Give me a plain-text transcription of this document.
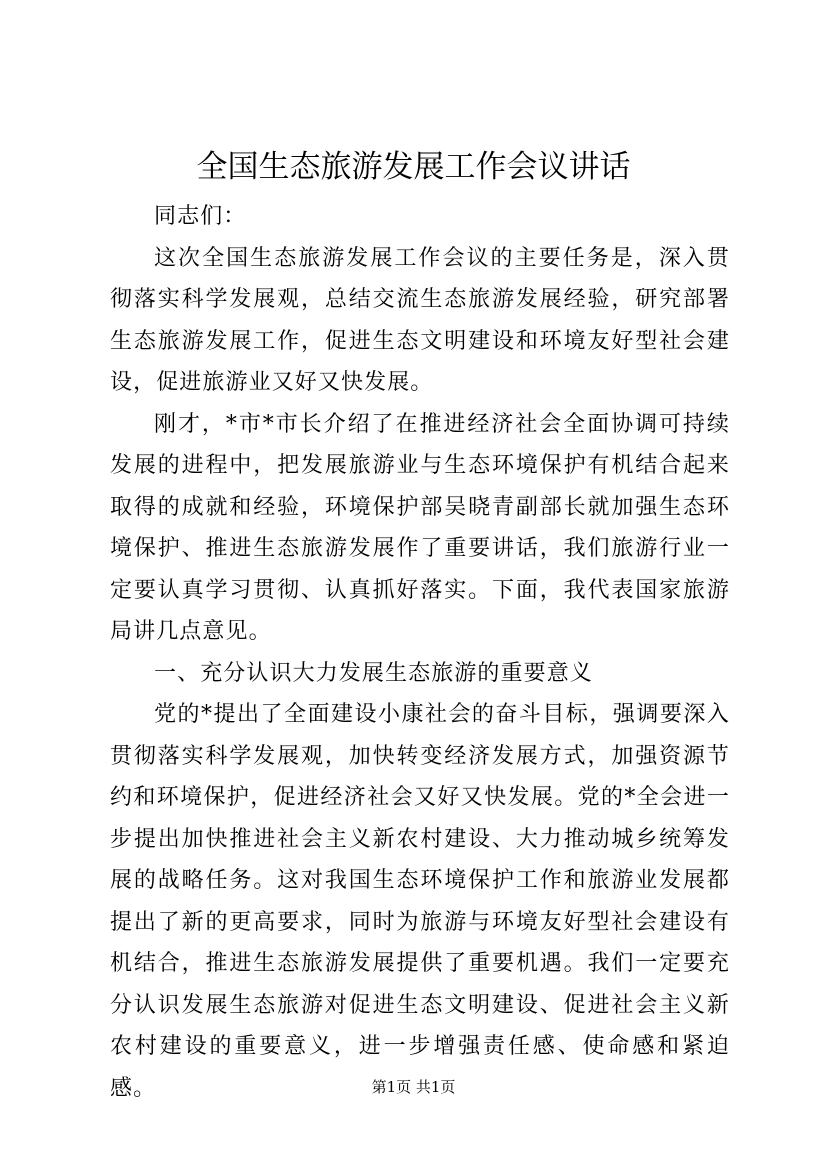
全国生态旅游发展工作会议讲话

同志们：

这次全国生态旅游发展工作会议的主要任务是，深入贯彻落实科学发展观，总结交流生态旅游发展经验，研究部署生态旅游发展工作，促进生态文明建设和环境友好型社会建设，促进旅游业又好又快发展。

刚才，*市*市长介绍了在推进经济社会全面协调可持续发展的进程中，把发展旅游业与生态环境保护有机结合起来取得的成就和经验，环境保护部吴晓青副部长就加强生态环境保护、推进生态旅游发展作了重要讲话，我们旅游行业一定要认真学习贯彻、认真抓好落实。下面，我代表国家旅游局讲几点意见。

一、充分认识大力发展生态旅游的重要意义

党的*提出了全面建设小康社会的奋斗目标，强调要深入贯彻落实科学发展观，加快转变经济发展方式，加强资源节约和环境保护，促进经济社会又好又快发展。党的*全会进一步提出加快推进社会主义新农村建设、大力推动城乡统筹发展的战略任务。这对我国生态环境保护工作和旅游业发展都提出了新的更高要求，同时为旅游与环境友好型社会建设有机结合，推进生态旅游发展提供了重要机遇。我们一定要充分认识发展生态旅游对促进生态文明建设、促进社会主义新农村建设的重要意义，进一步增强责任感、使命感和紧迫感。	第1页 共1页
